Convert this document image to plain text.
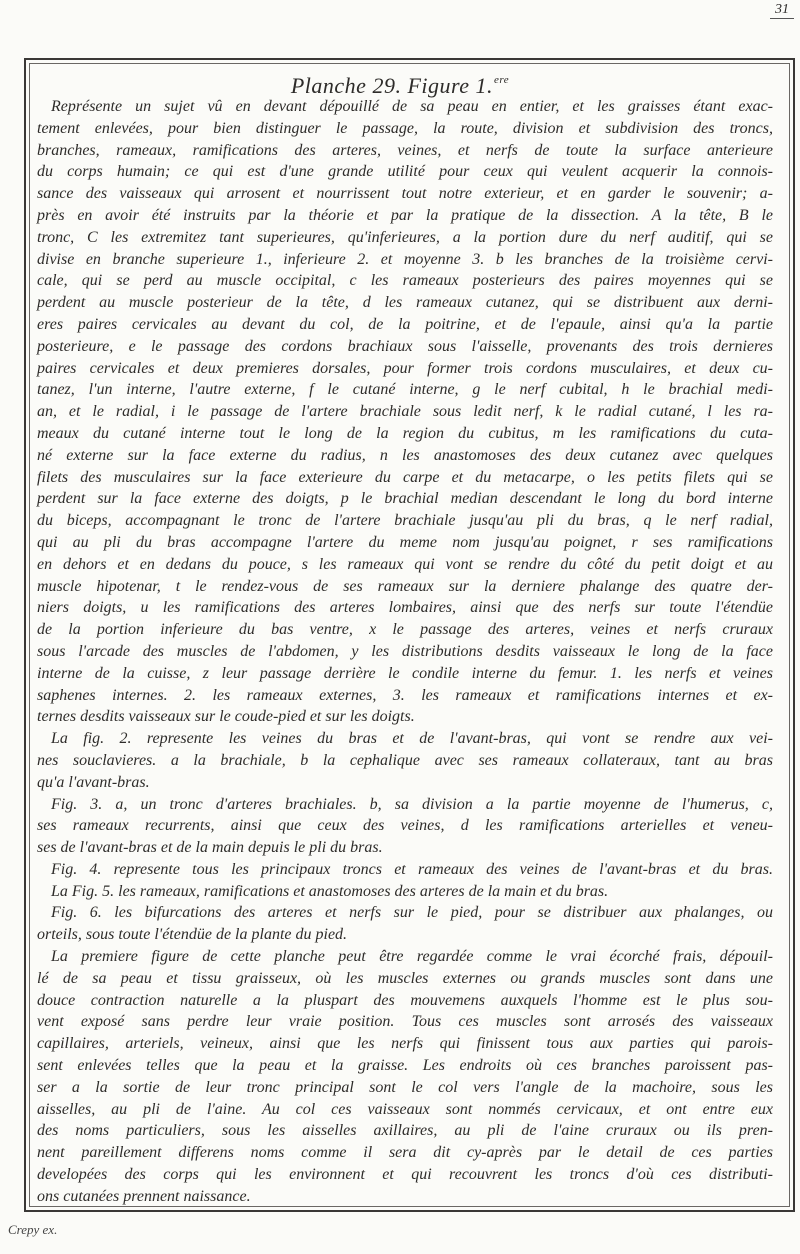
31
Planche 29. Figure 1.$^{ere}$
Représente un sujet vû en devant dépouillé de sa peau en entier, et les graisses étant exac-
tement enlevées, pour bien distinguer le passage, la route, division et subdivision des troncs,
branches, rameaux, ramifications des arteres, veines, et nerfs de toute la surface anterieure
du corps humain; ce qui est d'une grande utilité pour ceux qui veulent acquerir la connois-
sance des vaisseaux qui arrosent et nourrissent tout notre exterieur, et en garder le souvenir; a-
près en avoir été instruits par la théorie et par la pratique de la dissection. A la tête, B le
tronc, C les extremitez tant superieures, qu'inferieures, a la portion dure du nerf auditif, qui se
divise en branche superieure 1., inferieure 2. et moyenne 3. b les branches de la troisième cervi-
cale, qui se perd au muscle occipital, c les rameaux posterieurs des paires moyennes qui se
perdent au muscle posterieur de la tête, d les rameaux cutanez, qui se distribuent aux derni-
eres paires cervicales au devant du col, de la poitrine, et de l'epaule, ainsi qu'a la partie
posterieure, e le passage des cordons brachiaux sous l'aisselle, provenants des trois dernieres
paires cervicales et deux premieres dorsales, pour former trois cordons musculaires, et deux cu-
tanez, l'un interne, l'autre externe, f le cutané interne, g le nerf cubital, h le brachial medi-
an, et le radial, i le passage de l'artere brachiale sous ledit nerf, k le radial cutané, l les ra-
meaux du cutané interne tout le long de la region du cubitus, m les ramifications du cuta-
né externe sur la face externe du radius, n les anastomoses des deux cutanez avec quelques
filets des musculaires sur la face exterieure du carpe et du metacarpe, o les petits filets qui se
perdent sur la face externe des doigts, p le brachial median descendant le long du bord interne
du biceps, accompagnant le tronc de l'artere brachiale jusqu'au pli du bras, q le nerf radial,
qui au pli du bras accompagne l'artere du meme nom jusqu'au poignet, r ses ramifications
en dehors et en dedans du pouce, s les rameaux qui vont se rendre du côté du petit doigt et au
muscle hipotenar, t le rendez-vous de ses rameaux sur la derniere phalange des quatre der-
niers doigts, u les ramifications des arteres lombaires, ainsi que des nerfs sur toute l'étendüe
de la portion inferieure du bas ventre, x le passage des arteres, veines et nerfs cruraux
sous l'arcade des muscles de l'abdomen, y les distributions desdits vaisseaux le long de la face
interne de la cuisse, z leur passage derrière le condile interne du femur. 1. les nerfs et veines
saphenes internes. 2. les rameaux externes, 3. les rameaux et ramifications internes et ex-
ternes desdits vaisseaux sur le coude-pied et sur les doigts.
La fig. 2. represente les veines du bras et de l'avant-bras, qui vont se rendre aux vei-
nes souclavieres. a la brachiale, b la cephalique avec ses rameaux collateraux, tant au bras
qu'a l'avant-bras.
Fig. 3. a, un tronc d'arteres brachiales. b, sa division a la partie moyenne de l'humerus, c,
ses rameaux recurrents, ainsi que ceux des veines, d les ramifications arterielles et veneu-
ses de l'avant-bras et de la main depuis le pli du bras.
Fig. 4. represente tous les principaux troncs et rameaux des veines de l'avant-bras et du bras.
La Fig. 5. les rameaux, ramifications et anastomoses des arteres de la main et du bras.
Fig. 6. les bifurcations des arteres et nerfs sur le pied, pour se distribuer aux phalanges, ou
orteils, sous toute l'étendüe de la plante du pied.
La premiere figure de cette planche peut être regardée comme le vrai écorché frais, dépouil-
lé de sa peau et tissu graisseux, où les muscles externes ou grands muscles sont dans une
douce contraction naturelle a la pluspart des mouvemens auxquels l'homme est le plus sou-
vent exposé sans perdre leur vraie position. Tous ces muscles sont arrosés des vaisseaux
capillaires, arteriels, veineux, ainsi que les nerfs qui finissent tous aux parties qui parois-
sent enlevées telles que la peau et la graisse. Les endroits où ces branches paroissent pas-
ser a la sortie de leur tronc principal sont le col vers l'angle de la machoire, sous les
aisselles, au pli de l'aine. Au col ces vaisseaux sont nommés cervicaux, et ont entre eux
des noms particuliers, sous les aisselles axillaires, au pli de l'aine cruraux ou ils pren-
nent pareillement differens noms comme il sera dit cy-après par le detail de ces parties
developées des corps qui les environnent et qui recouvrent les troncs d'où ces distributi-
ons cutanées prennent naissance.
Crepy ex.
